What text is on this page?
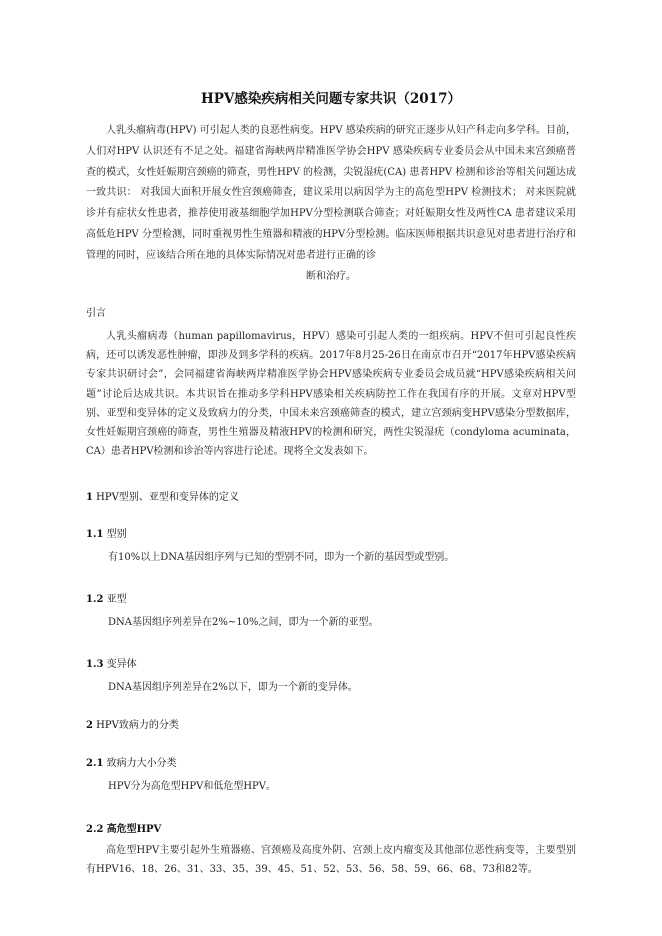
HPV感染疾病相关问题专家共识（2017）
人乳头瘤病毒(HPV) 可引起人类的良恶性病变。HPV 感染疾病的研究正逐步从妇产科走向多学科。目前，人们对HPV 认识还有不足之处。福建省海峡两岸精准医学协会HPV 感染疾病专业委员会从中国未来宫颈癌普查的模式，女性妊娠期宫颈癌的筛查，男性HPV 的检测，尖锐湿疣(CA) 患者HPV 检测和诊治等相关问题达成一致共识： 对我国大面积开展女性宫颈癌筛查，建议采用以病因学为主的高危型HPV 检测技术； 对来医院就诊并有症状女性患者，推荐使用液基细胞学加HPV分型检测联合筛查；对妊娠期女性及两性CA 患者建议采用高低危HPV 分型检测，同时重视男性生殖器和精液的HPV分型检测。临床医师根据共识意见对患者进行治疗和管理的同时，应该结合所在地的具体实际情况对患者进行正确的诊
断和治疗。
引言
人乳头瘤病毒（human papillomavirus，HPV）感染可引起人类的一组疾病。HPV不但可引起良性疾病，还可以诱发恶性肿瘤，即涉及到多学科的疾病。2017年8月25-26日在南京市召开“2017年HPV感染疾病专家共识研讨会”，会同福建省海峡两岸精准医学协会HPV感染疾病专业委员会成员就“HPV感染疾病相关问题”讨论后达成共识。本共识旨在推动多学科HPV感染相关疾病防控工作在我国有序的开展。文章对HPV型别、亚型和变异体的定义及致病力的分类，中国未来宫颈癌筛查的模式，建立宫颈病变HPV感染分型数据库，女性妊娠期宫颈癌的筛查，男性生殖器及精液HPV的检测和研究，两性尖锐湿疣（condyloma acuminata，CA）患者HPV检测和诊治等内容进行论述。现将全文发表如下。
1 HPV型别、亚型和变异体的定义
1.1 型别
有10%以上DNA基因组序列与已知的型别不同，即为一个新的基因型或型别。
1.2 亚型
DNA基因组序列差异在2%~10%之间，即为一个新的亚型。
1.3 变异体
DNA基因组序列差异在2%以下，即为一个新的变异体。
2 HPV致病力的分类
2.1 致病力大小分类
HPV分为高危型HPV和低危型HPV。
2.2 高危型HPV
高危型HPV主要引起外生殖器癌、宫颈癌及高度外阴、宫颈上皮内瘤变及其他部位恶性病变等，主要型别有HPV16、18、26、31、33、35、39、45、51、52、53、56、58、59、66、68、73和82等。
